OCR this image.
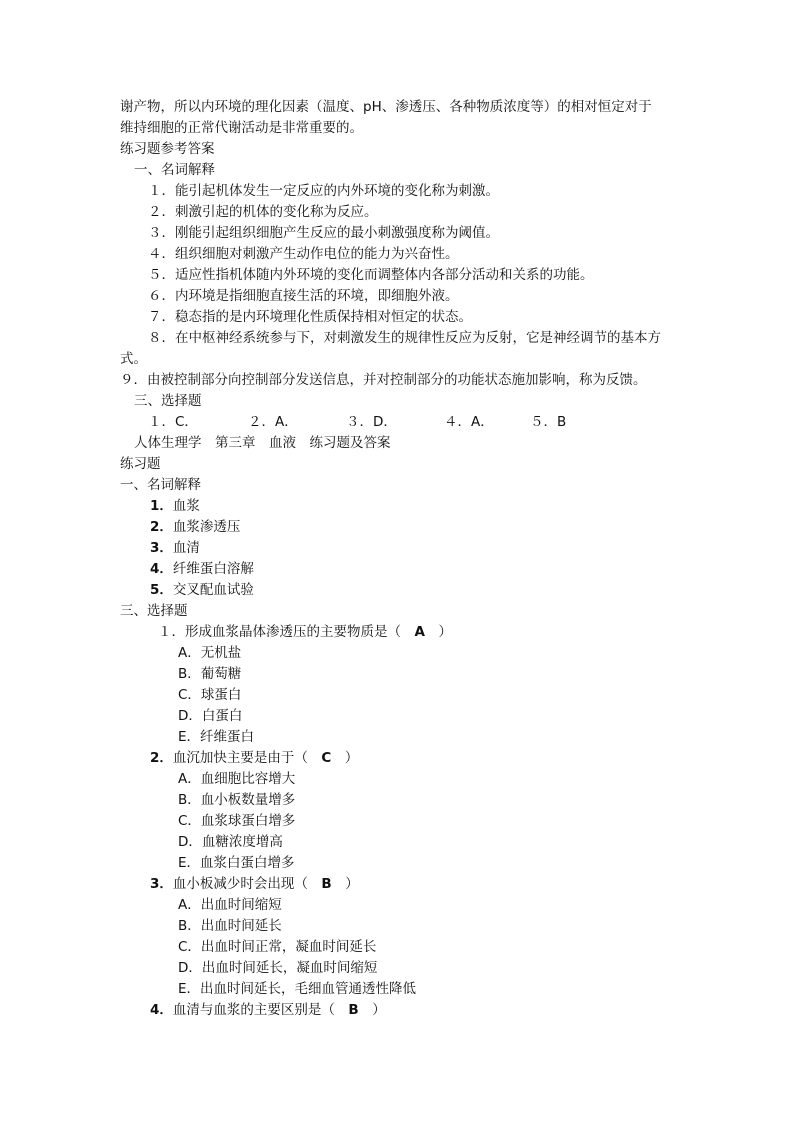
谢产物，所以内环境的理化因素（温度、pH、渗透压、各种物质浓度等）的相对恒定对于

维持细胞的正常代谢活动是非常重要的。

练习题参考答案

一、名词解释

１．能引起机体发生一定反应的内外环境的变化称为刺激。

２．刺激引起的机体的变化称为反应。

３．刚能引起组织细胞产生反应的最小刺激强度称为阈值。

４．组织细胞对刺激产生动作电位的能力为兴奋性。

５．适应性指机体随内外环境的变化而调整体内各部分活动和关系的功能。

６．内环境是指细胞直接生活的环境，即细胞外液。

７．稳态指的是内环境理化性质保持相对恒定的状态。

８．在中枢神经系统参与下，对刺激发生的规律性反应为反射，它是神经调节的基本方

式。

９．由被控制部分向控制部分发送信息，并对控制部分的功能状态施加影响，称为反馈。

三、选择题

１．C．	２．A．	３．D．	４．A．	５．B

人体生理学　第三章　血液　练习题及答案

练习题

一、名词解释

1．血浆

2．血浆渗透压

3．血清

4．纤维蛋白溶解

5．交叉配血试验

三、选择题

１．形成血浆晶体渗透压的主要物质是（　A　）

A．无机盐

B．葡萄糖

C．球蛋白

D．白蛋白

E．纤维蛋白

2．血沉加快主要是由于（　C　）

A．血细胞比容增大

B．血小板数量增多

C．血浆球蛋白增多

D．血糖浓度增高

E．血浆白蛋白增多

3．血小板减少时会出现（　B　）

A．出血时间缩短

B．出血时间延长

C．出血时间正常，凝血时间延长

D．出血时间延长，凝血时间缩短

E．出血时间延长，毛细血管通透性降低

4．血清与血浆的主要区别是（　B　）
